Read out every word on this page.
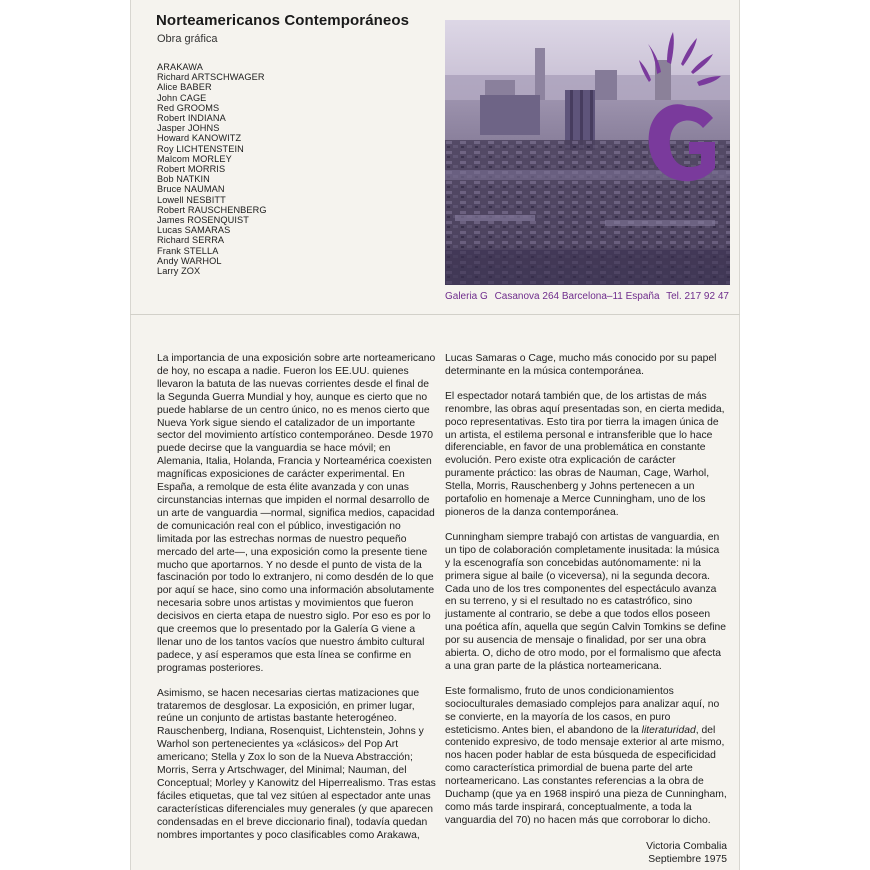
Norteamericanos Contemporáneos
Obra gráfica
ARAKAWA
Richard ARTSCHWAGER
Alice BABER
John CAGE
Red GROOMS
Robert INDIANA
Jasper JOHNS
Howard KANOWITZ
Roy LICHTENSTEIN
Malcom MORLEY
Robert MORRIS
Bob NATKIN
Bruce NAUMAN
Lowell NESBITT
Robert RAUSCHENBERG
James ROSENQUIST
Lucas SAMARAS
Richard SERRA
Frank STELLA
Andy WARHOL
Larry ZOX
Galeria G Casanova 264 Barcelona–11 España Tel. 217 92 47

La importancia de una exposición sobre arte norteamericano de hoy, no escapa a nadie. Fueron los EE.UU. quienes llevaron la batuta de las nuevas corrientes desde el final de la Segunda Guerra Mundial y hoy, aunque es cierto que no puede hablarse de un centro único, no es menos cierto que Nueva York sigue siendo el catalizador de un importante sector del movimiento artístico contemporáneo. Desde 1970 puede decirse que la vanguardia se hace móvil; en Alemania, Italia, Holanda, Francia y Norteamérica coexisten magníficas exposiciones de carácter experimental. En España, a remolque de esta élite avanzada y con unas circunstancias internas que impiden el normal desarrollo de un arte de vanguardia —normal, significa medios, capacidad de comunicación real con el público, investigación no limitada por las estrechas normas de nuestro pequeño mercado del arte—, una exposición como la presente tiene mucho que aportarnos. Y no desde el punto de vista de la fascinación por todo lo extranjero, ni como desdén de lo que por aquí se hace, sino como una información absolutamente necesaria sobre unos artistas y movimientos que fueron decisivos en cierta etapa de nuestro siglo. Por eso es por lo que creemos que lo presentado por la Galería G viene a llenar uno de los tantos vacíos que nuestro ámbito cultural padece, y así esperamos que esta línea se confirme en programas posteriores.

Asimismo, se hacen necesarias ciertas matizaciones que trataremos de desglosar. La exposición, en primer lugar, reúne un conjunto de artistas bastante heterogéneo. Rauschenberg, Indiana, Rosenquist, Lichtenstein, Johns y Warhol son pertenecientes ya «clásicos» del Pop Art americano; Stella y Zox lo son de la Nueva Abstracción; Morris, Serra y Artschwager, del Minimal; Nauman, del Conceptual; Morley y Kanowitz del Hiperrealismo. Tras estas fáciles etiquetas, que tal vez sitúen al espectador ante unas características diferenciales muy generales (y que aparecen condensadas en el breve diccionario final), todavía quedan nombres importantes y poco clasificables como Arakawa,

Lucas Samaras o Cage, mucho más conocido por su papel determinante en la música contemporánea.

El espectador notará también que, de los artistas de más renombre, las obras aquí presentadas son, en cierta medida, poco representativas. Esto tira por tierra la imagen única de un artista, el estilema personal e intransferible que lo hace diferenciable, en favor de una problemática en constante evolución. Pero existe otra explicación de carácter puramente práctico: las obras de Nauman, Cage, Warhol, Stella, Morris, Rauschenberg y Johns pertenecen a un portafolio en homenaje a Merce Cunningham, uno de los pioneros de la danza contemporánea.

Cunningham siempre trabajó con artistas de vanguardia, en un tipo de colaboración completamente inusitada: la música y la escenografía son concebidas autónomamente: ni la primera sigue al baile (o viceversa), ni la segunda decora. Cada uno de los tres componentes del espectáculo avanza en su terreno, y si el resultado no es catastrófico, sino justamente al contrario, se debe a que todos ellos poseen una poética afín, aquella que según Calvin Tomkins se define por su ausencia de mensaje o finalidad, por ser una obra abierta. O, dicho de otro modo, por el formalismo que afecta a una gran parte de la plástica norteamericana.

Este formalismo, fruto de unos condicionamientos socioculturales demasiado complejos para analizar aquí, no se convierte, en la mayoría de los casos, en puro esteticismo. Antes bien, el abandono de la literaturidad, del contenido expresivo, de todo mensaje exterior al arte mismo, nos hacen poder hablar de esta búsqueda de especificidad como característica primordial de buena parte del arte norteamericano. Las constantes referencias a la obra de Duchamp (que ya en 1968 inspiró una pieza de Cunningham, como más tarde inspirará, conceptualmente, a toda la vanguardia del 70) no hacen más que corroborar lo dicho.

Victoria Combalia
Septiembre 1975
